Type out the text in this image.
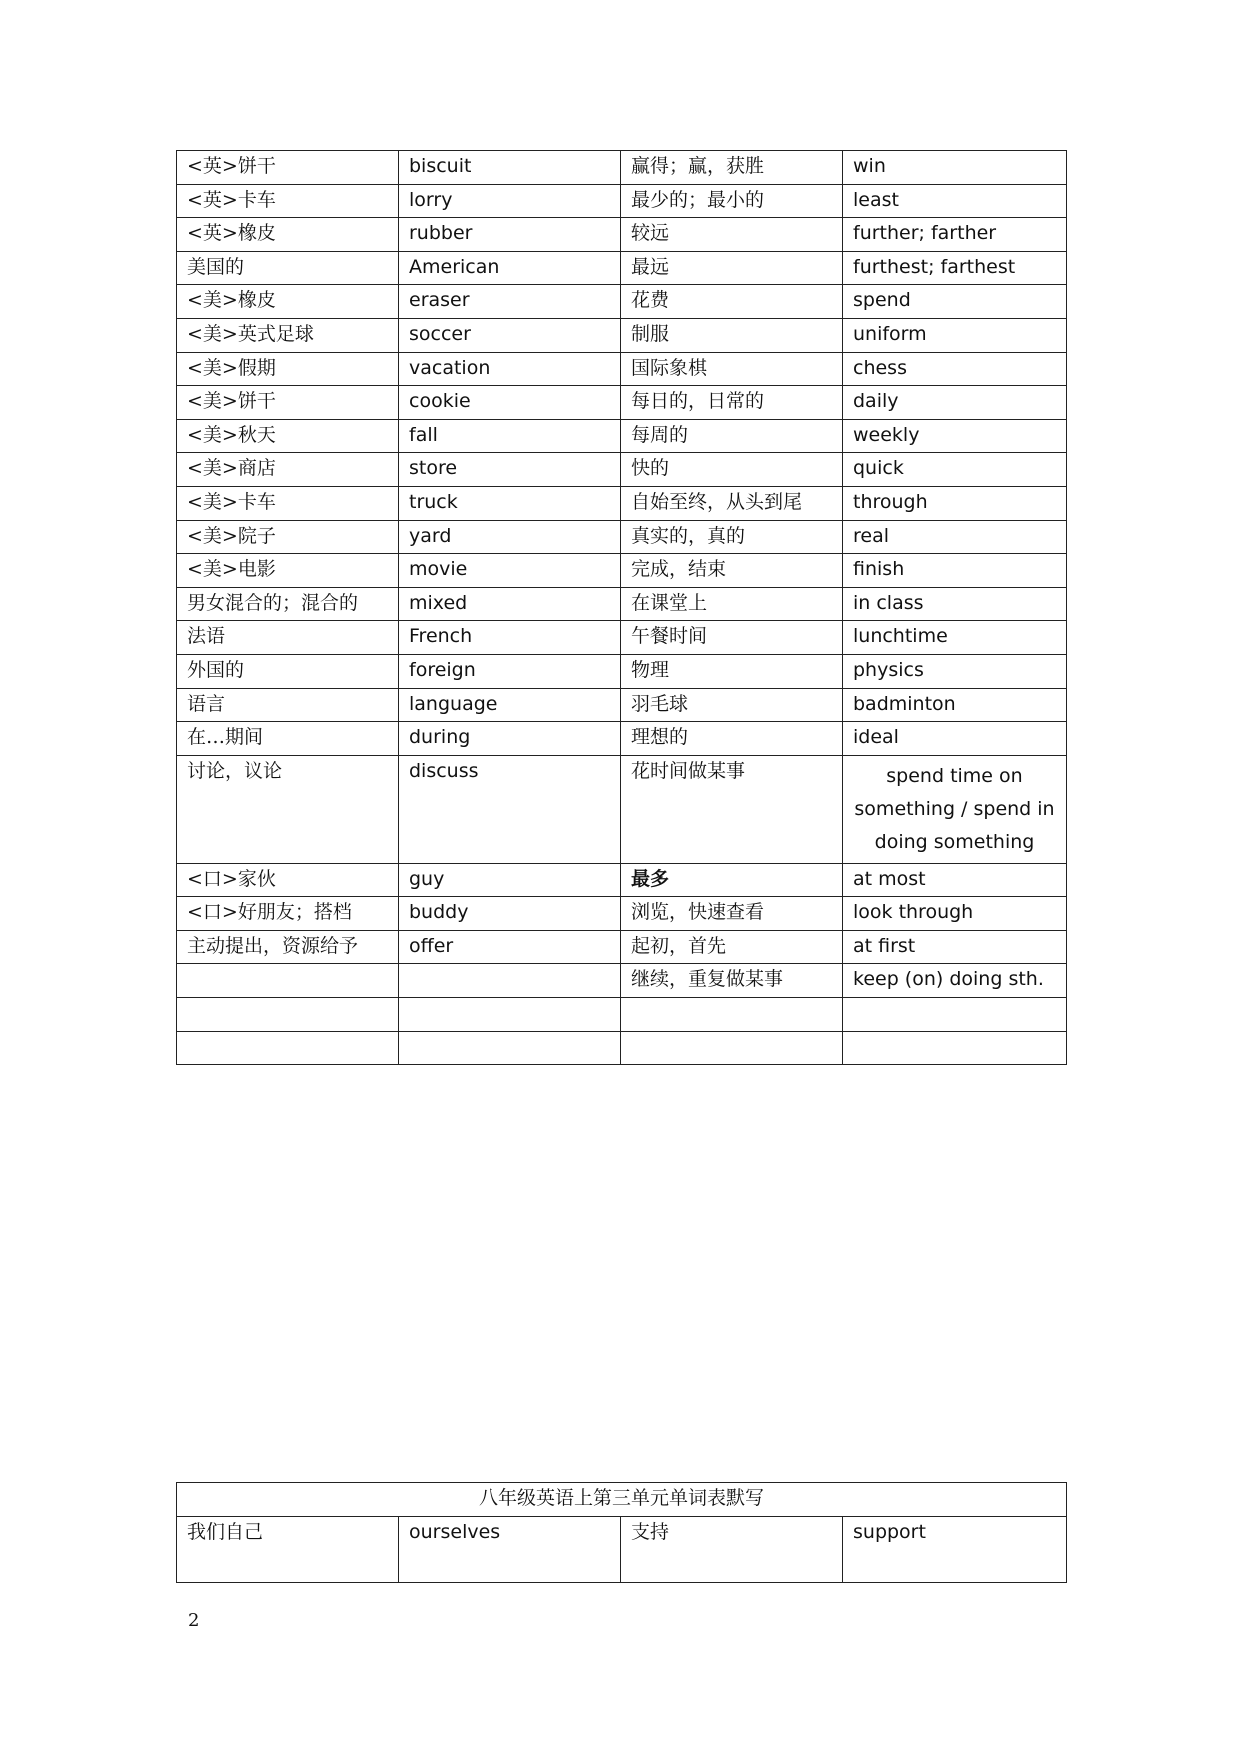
<英>饼干	biscuit	赢得；赢，获胜	win
<英>卡车	lorry	最少的；最小的	least
<英>橡皮	rubber	较远	further; farther
美国的	American	最远	furthest; farthest
<美>橡皮	eraser	花费	spend
<美>英式足球	soccer	制服	uniform
<美>假期	vacation	国际象棋	chess
<美>饼干	cookie	每日的，日常的	daily
<美>秋天	fall	每周的	weekly
<美>商店	store	快的	quick
<美>卡车	truck	自始至终，从头到尾	through
<美>院子	yard	真实的，真的	real
<美>电影	movie	完成，结束	finish
男女混合的；混合的	mixed	在课堂上	in class
法语	French	午餐时间	lunchtime
外国的	foreign	物理	physics
语言	language	羽毛球	badminton
在…期间	during	理想的	ideal
讨论，议论	discuss	花时间做某事	spend time on something / spend in doing something
<口>家伙	guy	最多	at most
<口>好朋友；搭档	buddy	浏览，快速查看	look through
主动提出，资源给予	offer	起初，首先	at first
		继续，重复做某事	keep (on) doing sth.

八年级英语上第三单元单词表默写
我们自己	ourselves	支持	support
2
